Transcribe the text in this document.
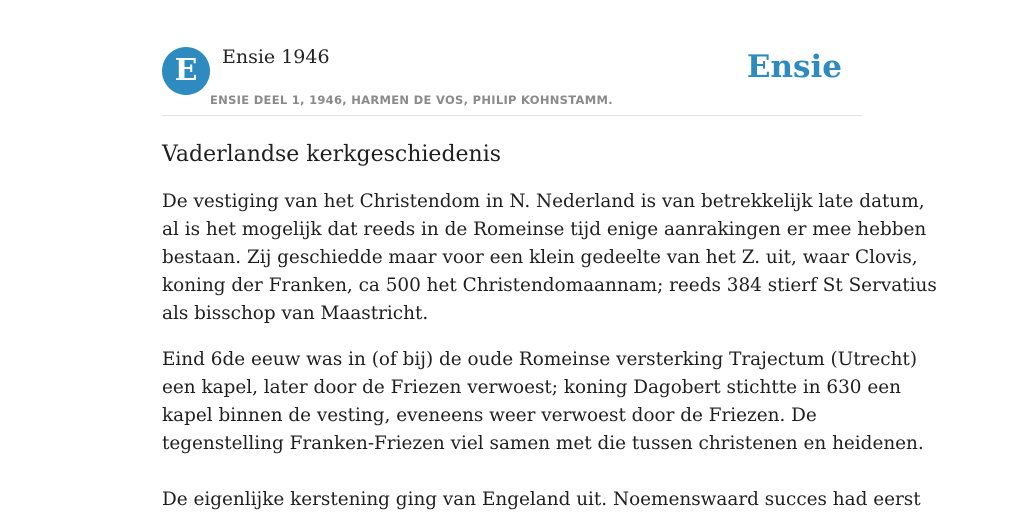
E	Ensie 1946
ENSIE DEEL 1, 1946, HARMEN DE VOS, PHILIP KOHNSTAMM.
Ensie
Vaderlandse kerkgeschiedenis

De vestiging van het Christendom in N. Nederland is van betrekkelijk late datum,
al is het mogelijk dat reeds in de Romeinse tijd enige aanrakingen er mee hebben
bestaan. Zij geschiedde maar voor een klein gedeelte van het Z. uit, waar Clovis,
koning der Franken, ca 500 het Christendomaannam; reeds 384 stierf St Servatius
als bisschop van Maastricht.

Eind 6de eeuw was in (of bij) de oude Romeinse versterking Trajectum (Utrecht)
een kapel, later door de Friezen verwoest; koning Dagobert stichtte in 630 een
kapel binnen de vesting, eveneens weer verwoest door de Friezen. De
tegenstelling Franken-Friezen viel samen met die tussen christenen en heidenen.

De eigenlijke kerstening ging van Engeland uit. Noemenswaard succes had eerst
